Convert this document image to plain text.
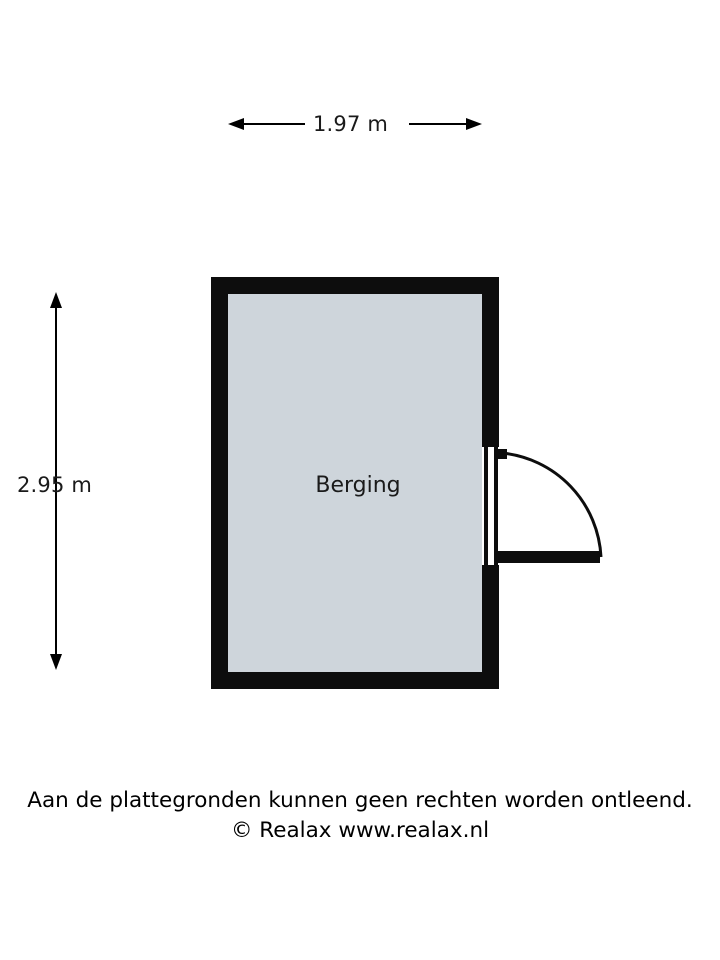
1.97 m
2.95 m	Berging
Aan de plattegronden kunnen geen rechten worden ontleend.
© Realax www.realax.nl
